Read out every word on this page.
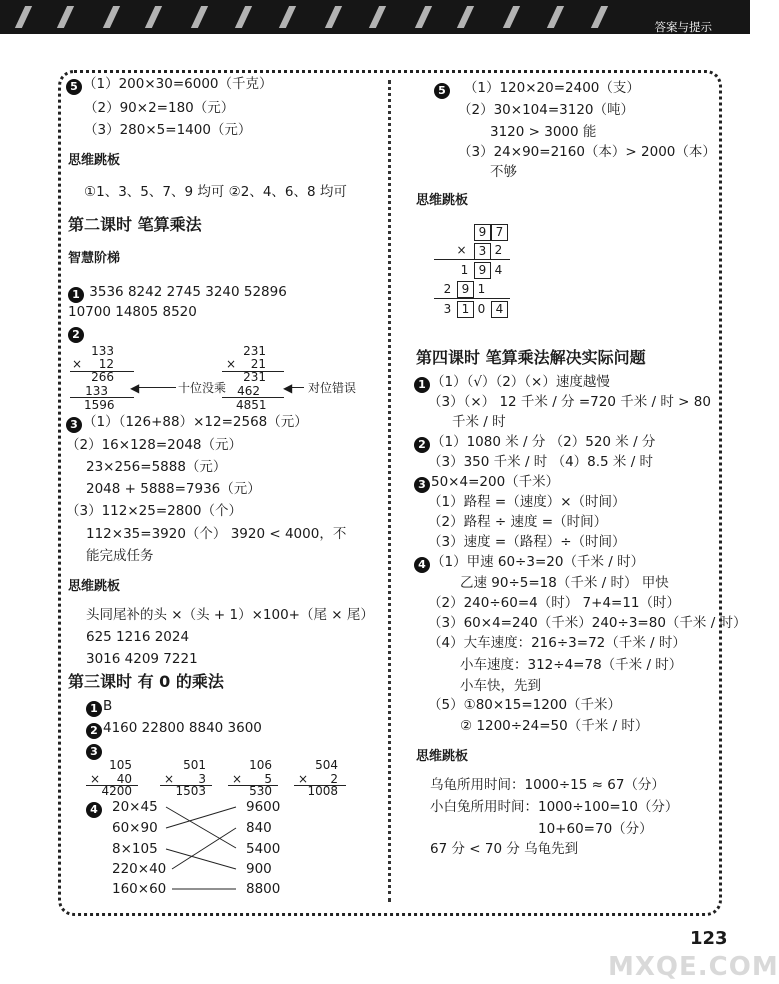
答案与提示
5 （1）200×30=6000（千克）
（2）90×2=180（元）
（3）280×5=1400（元）
思维跳板
①1、3、5、7、9 均可 ②2、4、6、8 均可
第二课时 笔算乘法
智慧阶梯
1 3536 8242 2745 3240 52896
10700 14805 8520
2
133
×	12
266
133
1596
◀	十位没乘
231
×	21
231
462
4851
◀ 对位错误
3 （1）（126+88）×12=2568（元）
（2）16×128=2048（元）
23×256=5888（元）
2048 + 5888=7936（元）
（3）112×25=2800（个）
112×35=3920（个） 3920 < 4000，不
能完成任务
思维跳板
头同尾补的头 ×（头 + 1）×100+（尾 × 尾）
625 1216 2024
3016 4209 7221
第三课时 有 0 的乘法
1 B
2 4160 22800 8840 3600
3
105
×	40
4200
501
×	3
1503
106
×	5
530
504
×	2
1008
4	20×45
60×90
8×105
220×40
160×60
9600
840
5400
900
8800
5 （1）120×20=2400（支）
（2）30×104=3120（吨）
3120 > 3000 能
（3）24×90=2160（本）> 2000（本）
不够
思维跳板
9 7
×	3 2
1 9 4
2 9 1
3 1 0 4
第四课时 笔算乘法解决实际问题
1 （1）（√）（2）（×）速度越慢
（3）（×） 12 千米 / 分 =720 千米 / 时 > 80
千米 / 时
2 （1）1080 米 / 分 （2）520 米 / 分
（3）350 千米 / 时 （4）8.5 米 / 时
3 50×4=200（千米）
（1）路程 =（速度）×（时间）
（2）路程 ÷ 速度 =（时间）
（3）速度 =（路程）÷（时间）
4 （1）甲速 60÷3=20（千米 / 时）
乙速 90÷5=18（千米 / 时） 甲快
（2）240÷60=4（时） 7+4=11（时）
（3）60×4=240（千米）240÷3=80（千米 / 时）
（4）大车速度：216÷3=72（千米 / 时）
小车速度：312÷4=78（千米 / 时）
小车快，先到
（5）①80×15=1200（千米）
② 1200÷24=50（千米 / 时）
思维跳板
乌龟所用时间：1000÷15 ≈ 67（分）
小白兔所用时间：1000÷100=10（分）
10+60=70（分）
67 分 < 70 分 乌龟先到
MXQE.COM
123
